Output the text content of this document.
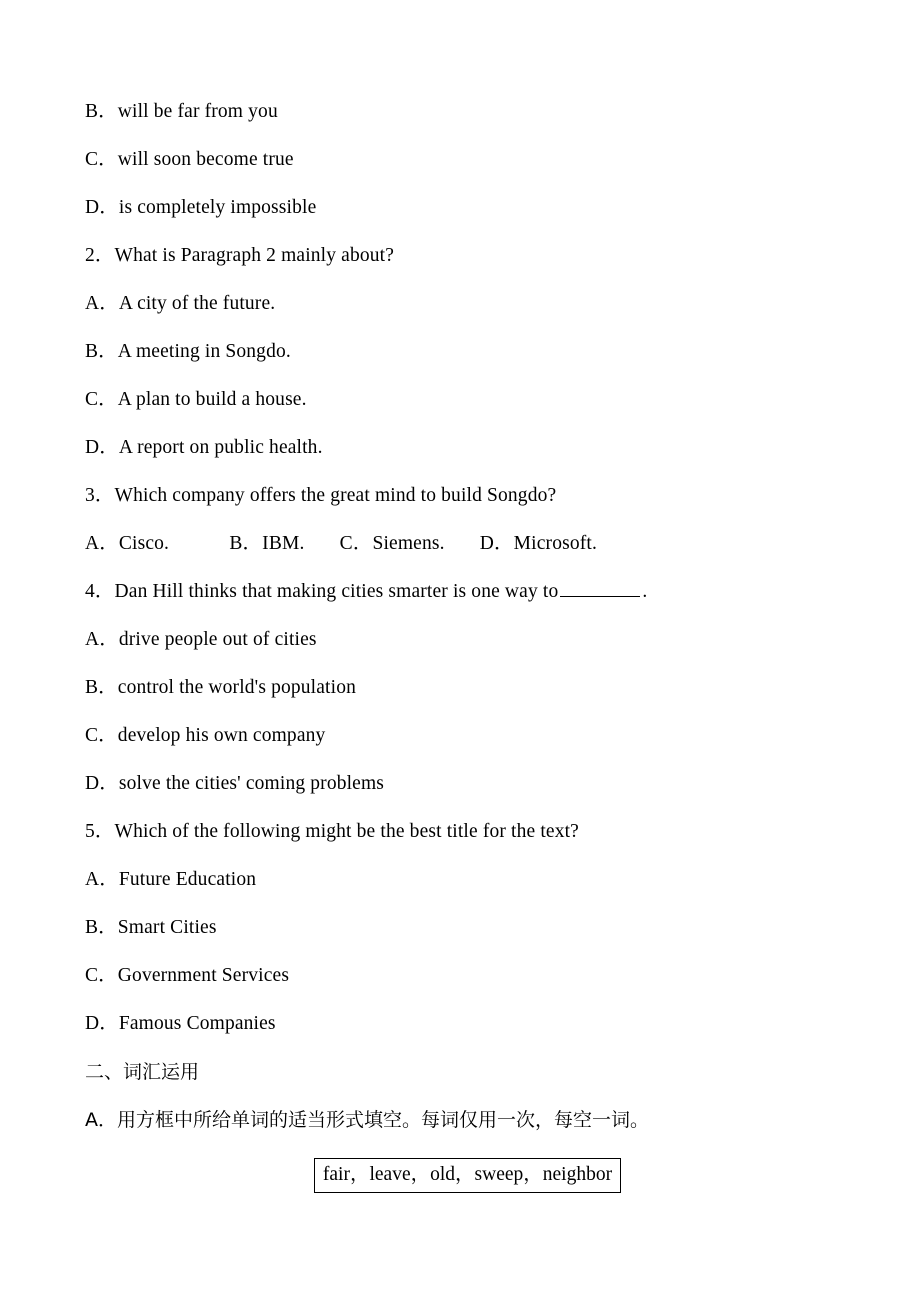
B．will be far from you
C．will soon become true
D．is completely impossible
2．What is Paragraph 2 mainly about?
A．A city of the future.
B．A meeting in Songdo.
C．A plan to build a house.
D．A report on public health.
3．Which company offers the great mind to build Songdo?
A．Cisco.            B．IBM.       C．Siemens.       D．Microsoft.
4．Dan Hill thinks that making cities smarter is one way to	.
A．drive people out of cities
B．control the world's population
C．develop his own company
D．solve the cities' coming problems
5．Which of the following might be the best title for the text?
A．Future Education
B．Smart Cities
C．Government Services
D．Famous Companies
二、词汇运用
A．用方框中所给单词的适当形式填空。每词仅用一次，每空一词。
fair，leave，old，sweep，neighbor
